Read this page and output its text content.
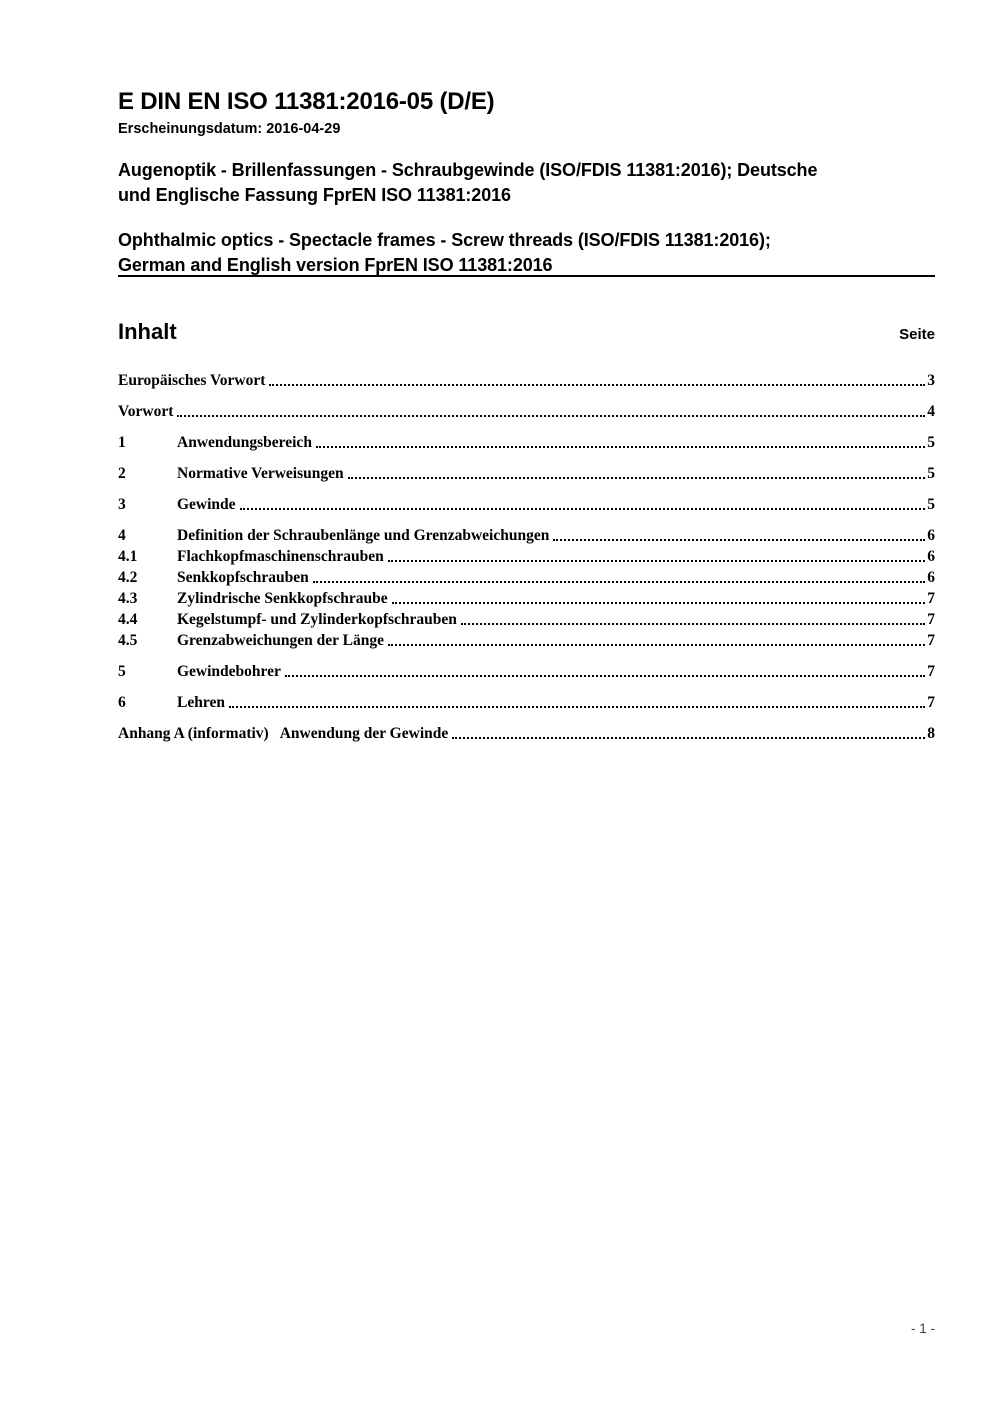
E DIN EN ISO 11381:2016-05 (D/E)
Erscheinungsdatum: 2016-04-29
Augenoptik - Brillenfassungen - Schraubgewinde (ISO/FDIS 11381:2016); Deutsche
und Englische Fassung FprEN ISO 11381:2016
Ophthalmic optics - Spectacle frames - Screw threads (ISO/FDIS 11381:2016);
German and English version FprEN ISO 11381:2016
Inhalt	Seite
Europäisches Vorwort	3
Vorwort	4
1	Anwendungsbereich	5
2	Normative Verweisungen	5
3	Gewinde	5
4	Definition der Schraubenlänge und Grenzabweichungen	6
4.1	Flachkopfmaschinenschrauben	6
4.2	Senkkopfschrauben	6
4.3	Zylindrische Senkkopfschraube	7
4.4	Kegelstumpf- und Zylinderkopfschrauben	7
4.5	Grenzabweichungen der Länge	7
5	Gewindebohrer	7
6	Lehren	7
Anhang A (informativ) Anwendung der Gewinde	8
- 1 -
